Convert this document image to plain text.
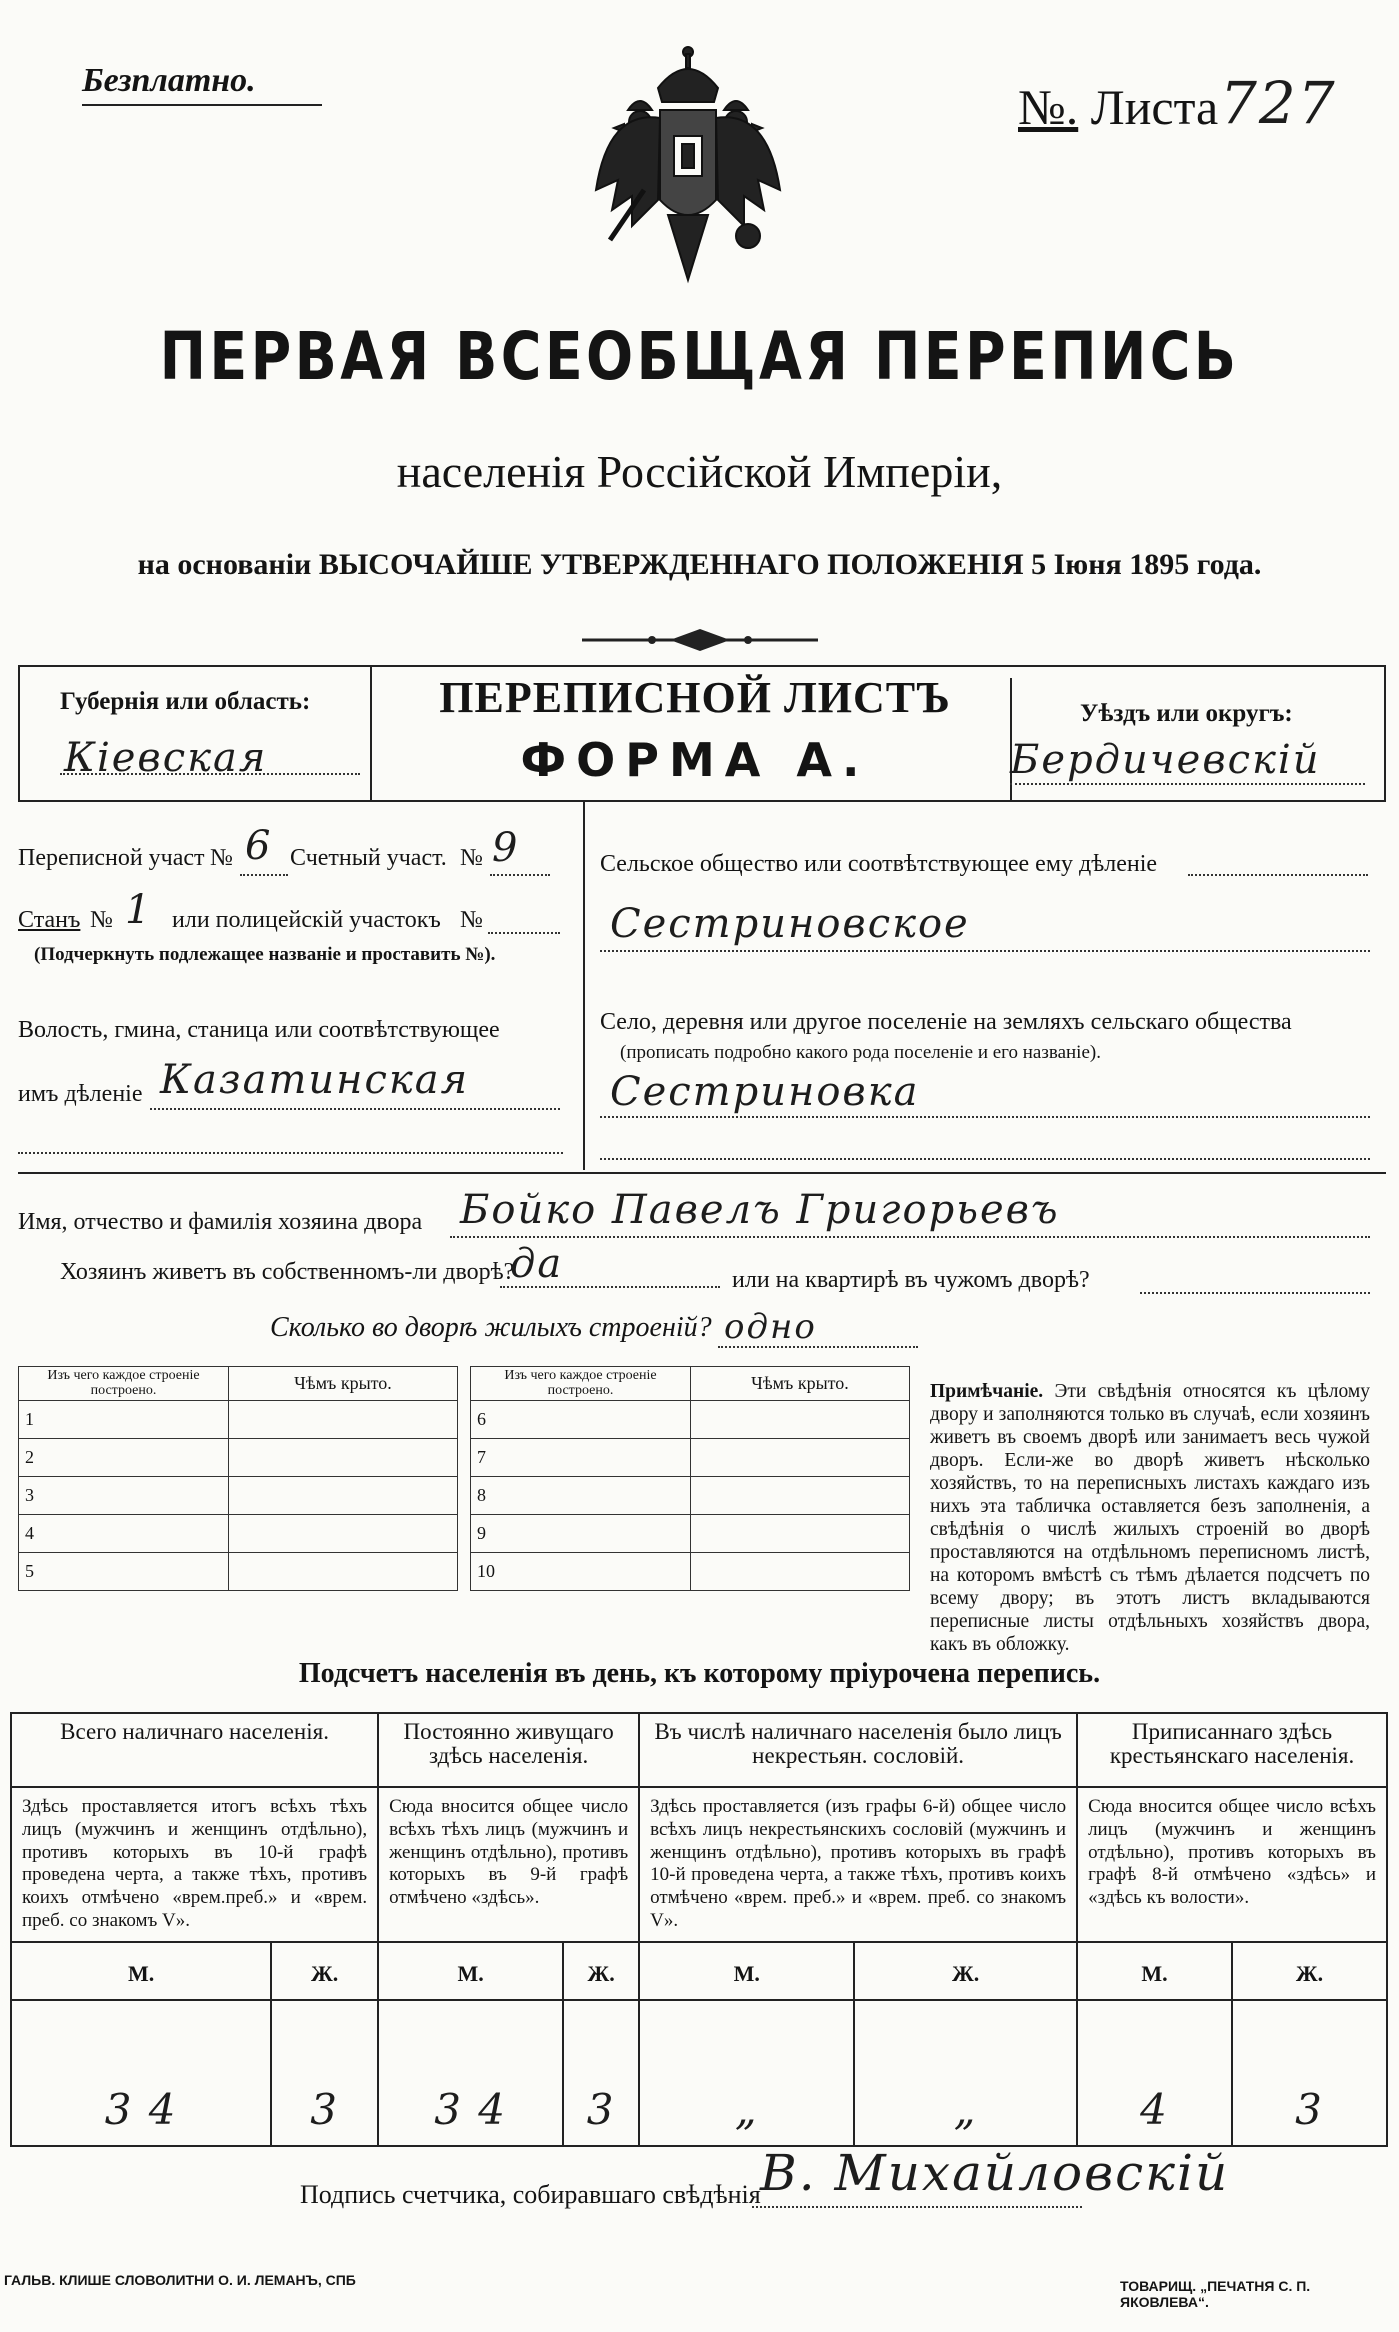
Безплатно.	№. Листа 727
ПЕРВАЯ ВСЕОБЩАЯ ПЕРЕПИСЬ
населенія Россійской Имперіи,
на основаніи ВЫСОЧАЙШЕ УТВЕРЖДЕННАГО ПОЛОЖЕНІЯ 5 Іюня 1895 года.
Губернія или область:
Кіевская
ПЕРЕПИСНОЙ ЛИСТЪ
ФОРМА А.
Уѣздъ или округъ:
Бердичевскій
Переписной участ № 6 Счетный участ. № 9
Станъ № 1 или полицейскій участокъ №
(Подчеркнуть подлежащее названіе и проставить №).
Волость, гмина, станица или соотвѣтствующее
имъ дѣленіе Казатинская
Сельское общество или соотвѣтствующее ему дѣленіе
Сестриновское
Село, деревня или другое поселеніе на земляхъ сельскаго общества
(прописать подробно какого рода поселеніе и его названіе).
Сестриновка
Имя, отчество и фамилія хозяина двора Бойко Павелъ Григорьевъ
Хозяинъ живетъ въ собственномъ-ли дворѣ?
да	или на квартирѣ въ чужомъ дворѣ?
Сколько во дворѣ жилыхъ строеній? одно
Изъ чего каждое строеніе построено.	Чѣмъ крыто.
1	
2	
3	
4	
5	
Изъ чего каждое строеніе построено.	Чѣмъ крыто.
6	
7	
8	
9	
10	
Примѣчаніе. Эти свѣдѣнія относятся къ цѣлому двору и заполняются только въ случаѣ, если хозяинъ живетъ въ своемъ дворѣ или занимаетъ весь чужой дворъ. Если-же во дворѣ живетъ нѣсколько хозяйствъ, то на переписныхъ листахъ каждаго изъ нихъ эта табличка оставляется безъ заполненія, а свѣдѣнія о числѣ жилыхъ строеній во дворѣ проставляются на отдѣльномъ переписномъ листѣ, на которомъ вмѣстѣ съ тѣмъ дѣлается подсчетъ по всему двору; въ этотъ листъ вкладываются переписные листы отдѣльныхъ хозяйствъ двора, какъ въ обложку.
Подсчетъ населенія въ день, къ которому пріурочена перепись.
Всего наличнаго населенія.		Постоянно живущаго здѣсь населенія.		Въ числѣ наличнаго населенія было лицъ некрестьян. сословій.		Приписаннаго здѣсь крестьянскаго населенія.	
Здѣсь проставляется итогъ всѣхъ тѣхъ лицъ (мужчинъ и женщинъ отдѣльно), противъ которыхъ въ 10-й графѣ проведена черта, а также тѣхъ, противъ коихъ отмѣчено «врем.преб.» и «врем. преб. со знакомъ V».		Сюда вносится общее число всѣхъ тѣхъ лицъ (мужчинъ и женщинъ отдѣльно), противъ которыхъ въ 9-й графѣ отмѣчено «здѣсь».		Здѣсь проставляется (изъ графы 6-й) общее число всѣхъ лицъ некрестьянскихъ сословій (мужчинъ и женщинъ отдѣльно), противъ которыхъ въ графѣ 10-й проведена черта, а также тѣхъ, противъ коихъ отмѣчено «врем. преб.» и «врем. преб. со знакомъ V».		Сюда вносится общее число всѣхъ лицъ (мужчинъ и женщинъ отдѣльно), противъ которыхъ въ графѣ 8-й отмѣчено «здѣсь» и «здѣсь къ волости».	
М.	Ж.	М.	Ж.	М.	Ж.	М.	Ж.
3 4	3	3 4	3	„	„	4	3
Подпись счетчика, собиравшаго свѣдѣнія В. Михайловскій
ГАЛЬВ. КЛИШЕ СЛОВОЛИТНИ О. И. ЛЕМАНЪ, СПБ	ТОВАРИЩ. „ПЕЧАТНЯ С. П. ЯКОВЛЕВА“.
